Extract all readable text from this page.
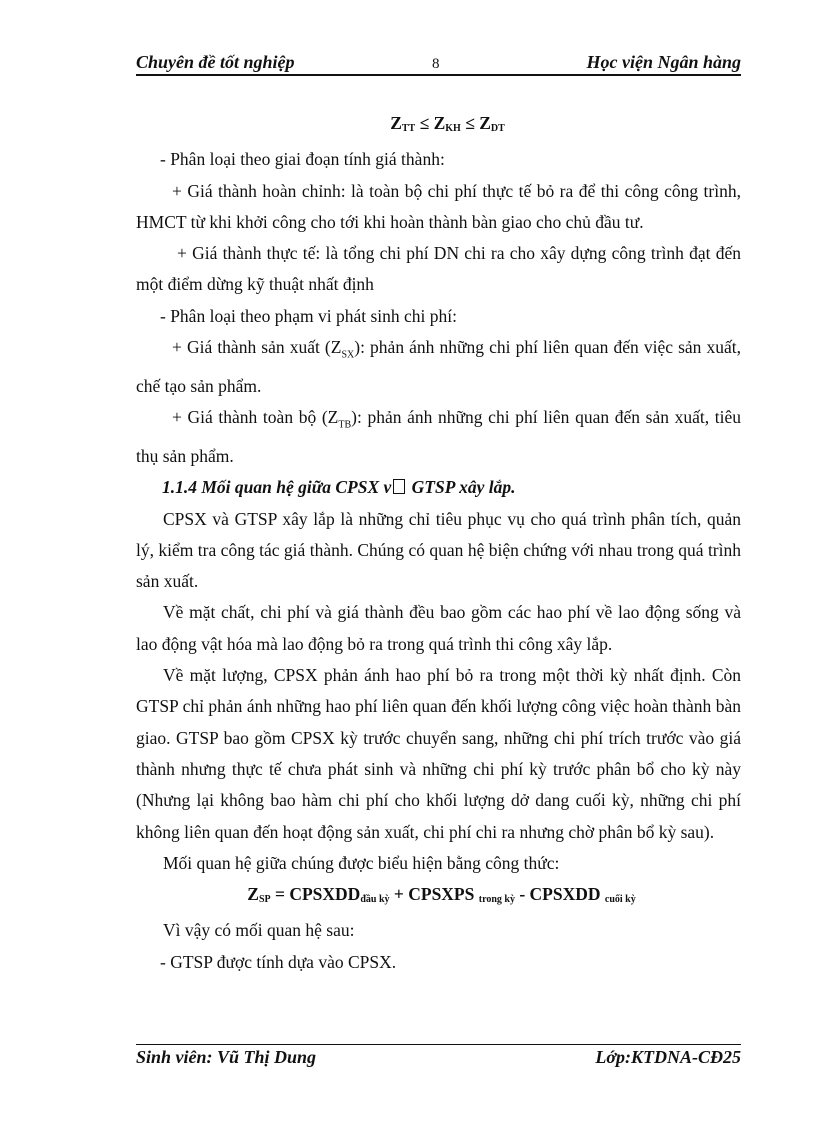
Chuyên đề tốt nghiệp	8	Học viện Ngân hàng

$Z_{TT} \le Z_{KH} \le Z_{DT}$

- Phân loại theo giai đoạn tính giá thành:

+ Giá thành hoàn chỉnh: là toàn bộ chi phí thực tế bỏ ra để thi công công trình, HMCT từ khi khởi công cho tới khi hoàn thành bàn giao cho chủ đầu tư.

+ Giá thành thực tế: là tổng chi phí DN chi ra cho xây dựng công trình đạt đến một điểm dừng kỹ thuật nhất định

- Phân loại theo phạm vi phát sinh chi phí:

+ Giá thành sản xuất $(Z_{SX})$: phản ánh những chi phí liên quan đến việc sản xuất, chế tạo sản phẩm.

+ Giá thành toàn bộ $(Z_{TB})$: phản ánh những chi phí liên quan đến sản xuất, tiêu thụ sản phẩm.

1.1.4 Mối quan hệ giữa CPSX v GTSP xây lắp.

CPSX và GTSP xây lắp là những chỉ tiêu phục vụ cho quá trình phân tích, quản lý, kiểm tra công tác giá thành. Chúng có quan hệ biện chứng với nhau trong quá trình sản xuất.

Về mặt chất, chi phí và giá thành đều bao gồm các hao phí về lao động sống và lao động vật hóa mà lao động bỏ ra trong quá trình thi công xây lắp.

Về mặt lượng, CPSX phản ánh hao phí bỏ ra trong một thời kỳ nhất định. Còn GTSP chỉ phản ánh những hao phí liên quan đến khối lượng công việc hoàn thành bàn giao. GTSP bao gồm CPSX kỳ trước chuyển sang, những chi phí trích trước vào giá thành nhưng thực tế chưa phát sinh và những chi phí kỳ trước phân bổ cho kỳ này (Nhưng lại không bao hàm chi phí cho khối lượng dở dang cuối kỳ, những chi phí không liên quan đến hoạt động sản xuất, chi phí chi ra nhưng chờ phân bổ kỳ sau).

Mối quan hệ giữa chúng được biểu hiện bằng công thức:

$Z_{SP}$ = $CPSXDD_{đầu kỳ}$ + CPSXPS $_{trong kỳ}$ - CPSXDD $_{cuối kỳ}$

Vì vậy có mối quan hệ sau:

- GTSP được tính dựa vào CPSX.

Sinh viên: Vũ Thị Dung	Lớp:KTDNA-CĐ25
